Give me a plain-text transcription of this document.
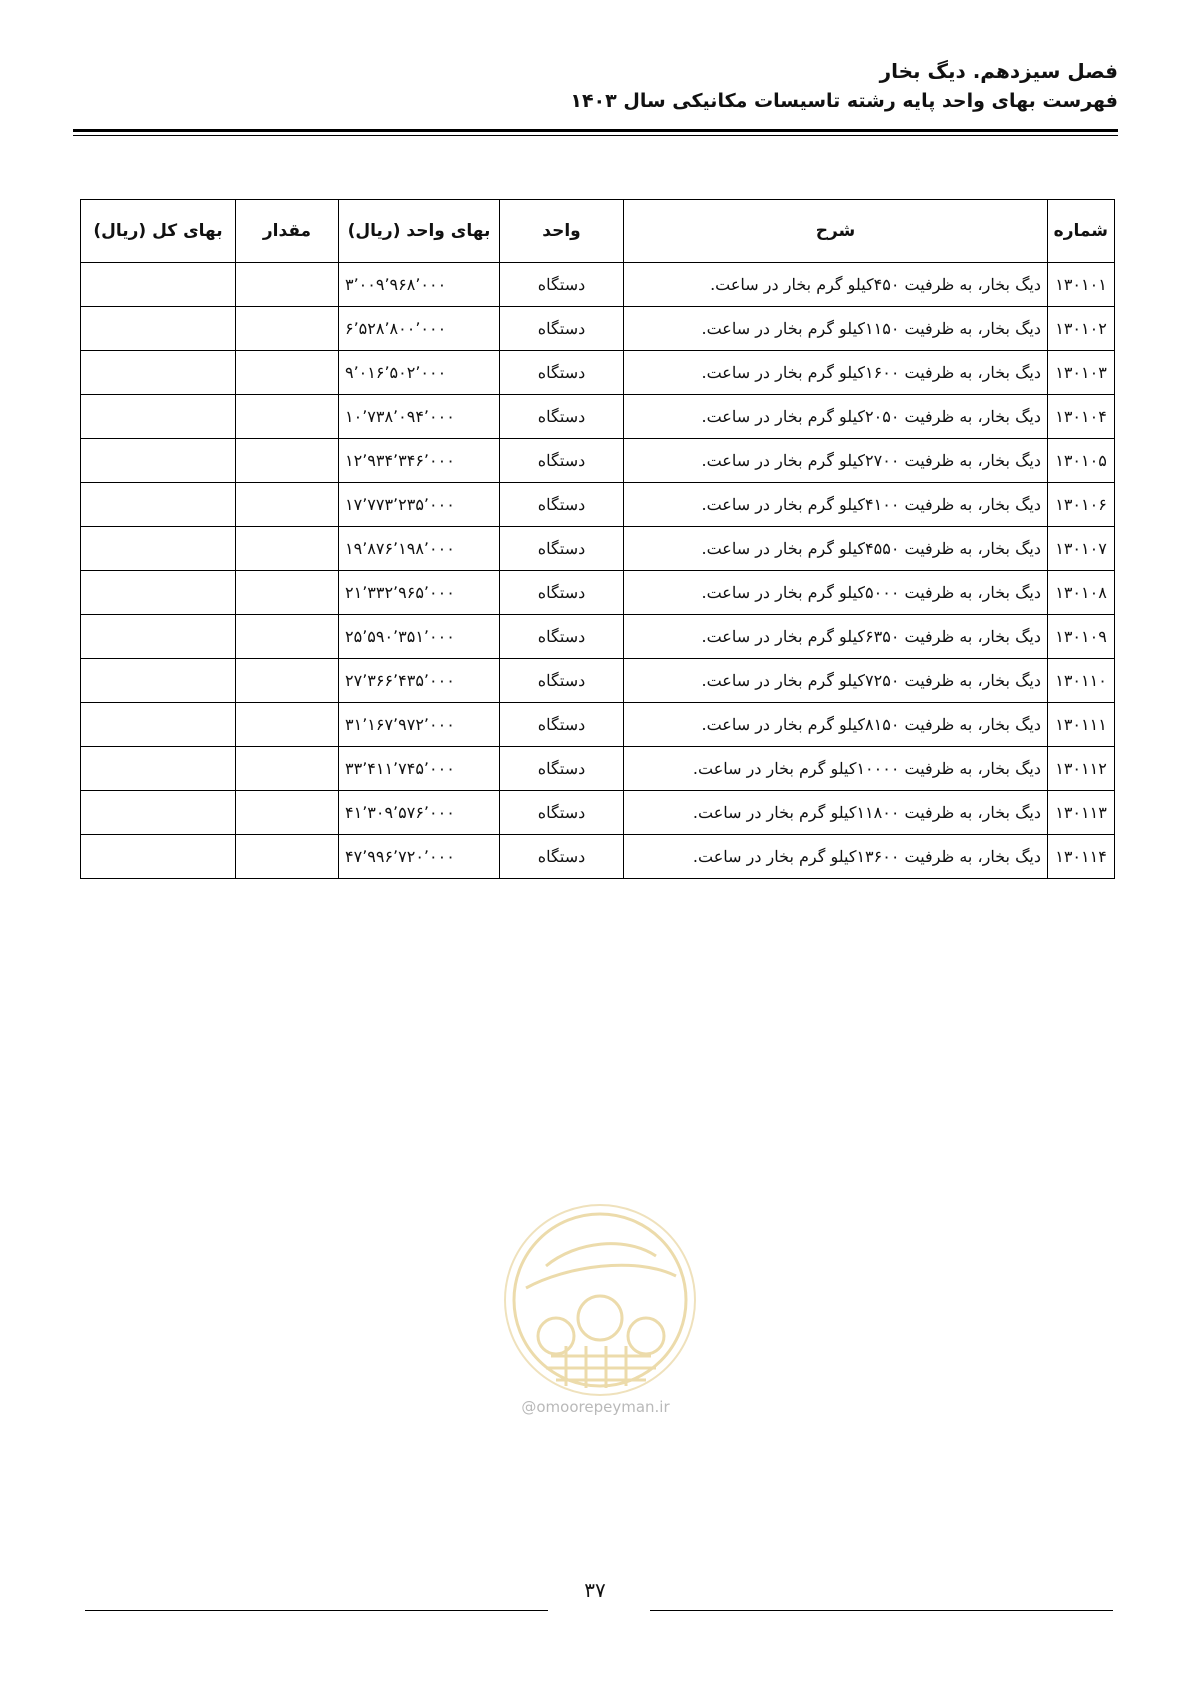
فصل سیزدهم. دیگ بخار
فهرست بهای واحد پایه رشته تاسیسات مکانیکی سال ۱۴۰۳
شماره	شرح	واحد	بهای واحد (ریال)	مقدار	بهای کل (ریال)
۱۳۰۱۰۱	دیگ بخار، به ظرفیت ۴۵۰کیلو گرم بخار در ساعت.	دستگاه	۳٬۰۰۹٬۹۶۸٬۰۰۰		
۱۳۰۱۰۲	دیگ بخار، به ظرفیت ۱۱۵۰کیلو گرم بخار در ساعت.	دستگاه	۶٬۵۲۸٬۸۰۰٬۰۰۰		
۱۳۰۱۰۳	دیگ بخار، به ظرفیت ۱۶۰۰کیلو گرم بخار در ساعت.	دستگاه	۹٬۰۱۶٬۵۰۲٬۰۰۰		
۱۳۰۱۰۴	دیگ بخار، به ظرفیت ۲۰۵۰کیلو گرم بخار در ساعت.	دستگاه	۱۰٬۷۳۸٬۰۹۴٬۰۰۰		
۱۳۰۱۰۵	دیگ بخار، به ظرفیت ۲۷۰۰کیلو گرم بخار در ساعت.	دستگاه	۱۲٬۹۳۴٬۳۴۶٬۰۰۰		
۱۳۰۱۰۶	دیگ بخار، به ظرفیت ۴۱۰۰کیلو گرم بخار در ساعت.	دستگاه	۱۷٬۷۷۳٬۲۳۵٬۰۰۰		
۱۳۰۱۰۷	دیگ بخار، به ظرفیت ۴۵۵۰کیلو گرم بخار در ساعت.	دستگاه	۱۹٬۸۷۶٬۱۹۸٬۰۰۰		
۱۳۰۱۰۸	دیگ بخار، به ظرفیت ۵۰۰۰کیلو گرم بخار در ساعت.	دستگاه	۲۱٬۳۳۲٬۹۶۵٬۰۰۰		
۱۳۰۱۰۹	دیگ بخار، به ظرفیت ۶۳۵۰کیلو گرم بخار در ساعت.	دستگاه	۲۵٬۵۹۰٬۳۵۱٬۰۰۰		
۱۳۰۱۱۰	دیگ بخار، به ظرفیت ۷۲۵۰کیلو گرم بخار در ساعت.	دستگاه	۲۷٬۳۶۶٬۴۳۵٬۰۰۰		
۱۳۰۱۱۱	دیگ بخار، به ظرفیت ۸۱۵۰کیلو گرم بخار در ساعت.	دستگاه	۳۱٬۱۶۷٬۹۷۲٬۰۰۰		
۱۳۰۱۱۲	دیگ بخار، به ظرفیت ۱۰۰۰۰کیلو گرم بخار در ساعت.	دستگاه	۳۳٬۴۱۱٬۷۴۵٬۰۰۰		
۱۳۰۱۱۳	دیگ بخار، به ظرفیت ۱۱۸۰۰کیلو گرم بخار در ساعت.	دستگاه	۴۱٬۳۰۹٬۵۷۶٬۰۰۰		
۱۳۰۱۱۴	دیگ بخار، به ظرفیت ۱۳۶۰۰کیلو گرم بخار در ساعت.	دستگاه	۴۷٬۹۹۶٬۷۲۰٬۰۰۰		
@omoorepeyman.ir
۳۷
